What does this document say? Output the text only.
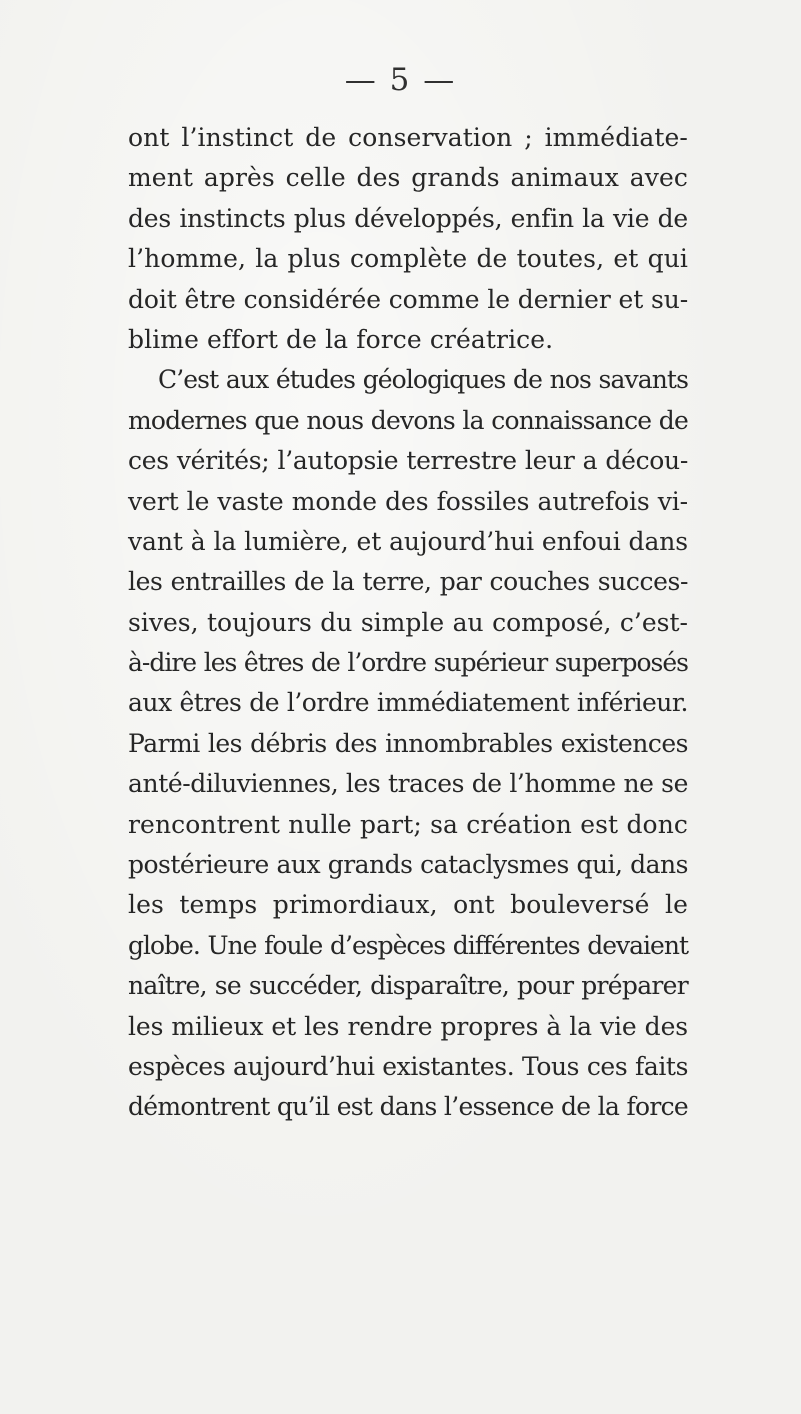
— 5 —
ont l’instinct de conservation ; immédiate-
ment après celle des grands animaux avec
des instincts plus développés, enfin la vie de
l’homme, la plus complète de toutes, et qui
doit être considérée comme le dernier et su-
blime effort de la force créatrice.
C’est aux études géologiques de nos savants
modernes que nous devons la connaissance de
ces vérités; l’autopsie terrestre leur a décou-
vert le vaste monde des fossiles autrefois vi-
vant à la lumière, et aujourd’hui enfoui dans
les entrailles de la terre, par couches succes-
sives, toujours du simple au composé, c’est-
à-dire les êtres de l’ordre supérieur superposés
aux êtres de l’ordre immédiatement inférieur.
Parmi les débris des innombrables existences
anté-diluviennes, les traces de l’homme ne se
rencontrent nulle part; sa création est donc
postérieure aux grands cataclysmes qui, dans
les temps primordiaux, ont bouleversé le
globe. Une foule d’espèces différentes devaient
naître, se succéder, disparaître, pour préparer
les milieux et les rendre propres à la vie des
espèces aujourd’hui existantes. Tous ces faits
démontrent qu’il est dans l’essence de la force
